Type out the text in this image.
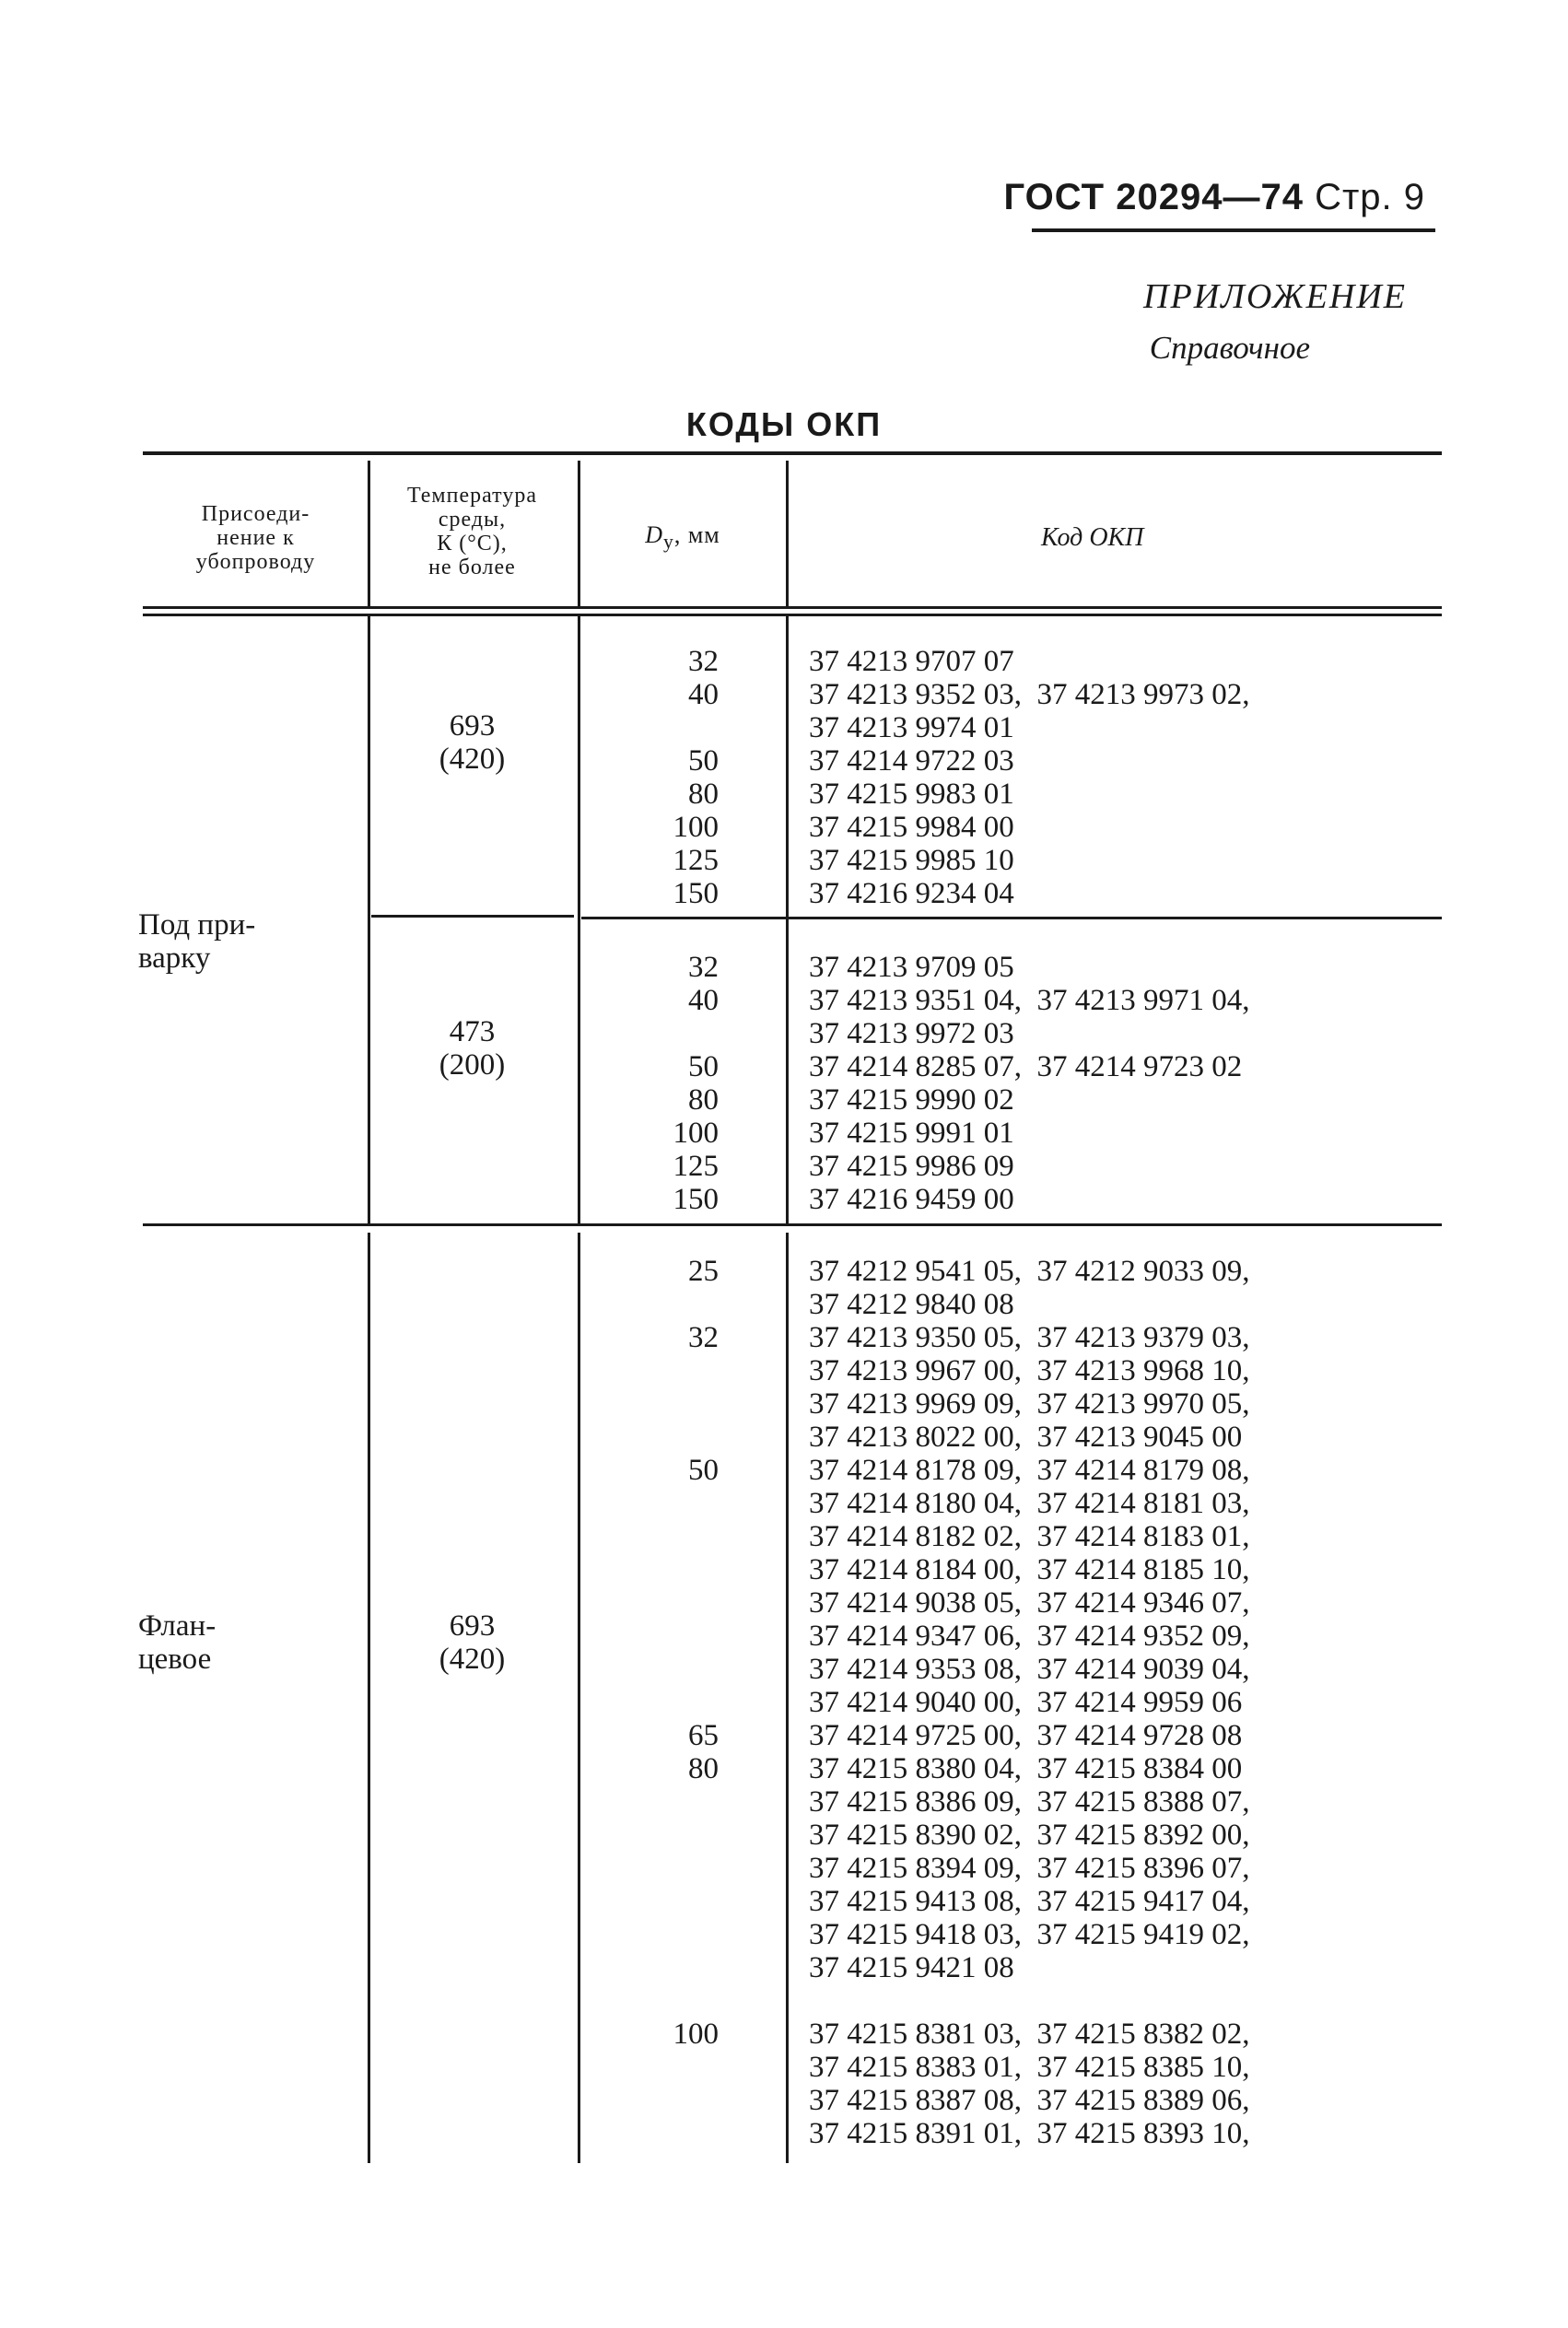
ГОСТ 20294—74 Стр. 9
ПРИЛОЖЕНИЕ
Справочное
КОДЫ ОКП
Присоеди-
нение к
убопроводу
Температура
среды,
К (°С),
не более
$D_у$, мм	Код ОКП
Под при-
варку
693
(420)
32
40
50
80
100
125
150
37 4213 9707 07
37 4213 9352 03,  37 4213 9973 02,
37 4213 9974 01
37 4214 9722 03
37 4215 9983 01
37 4215 9984 00
37 4215 9985 10
37 4216 9234 04
473
(200)
32
40
50
80
100
125
150
37 4213 9709 05
37 4213 9351 04,  37 4213 9971 04,
37 4213 9972 03
37 4214 8285 07,  37 4214 9723 02
37 4215 9990 02
37 4215 9991 01
37 4215 9986 09
37 4216 9459 00
Флан-
цевое
693
(420)
25
32
50
65
80
100
37 4212 9541 05,  37 4212 9033 09,
37 4212 9840 08
37 4213 9350 05,  37 4213 9379 03,
37 4213 9967 00,  37 4213 9968 10,
37 4213 9969 09,  37 4213 9970 05,
37 4213 8022 00,  37 4213 9045 00
37 4214 8178 09,  37 4214 8179 08,
37 4214 8180 04,  37 4214 8181 03,
37 4214 8182 02,  37 4214 8183 01,
37 4214 8184 00,  37 4214 8185 10,
37 4214 9038 05,  37 4214 9346 07,
37 4214 9347 06,  37 4214 9352 09,
37 4214 9353 08,  37 4214 9039 04,
37 4214 9040 00,  37 4214 9959 06
37 4214 9725 00,  37 4214 9728 08
37 4215 8380 04,  37 4215 8384 00
37 4215 8386 09,  37 4215 8388 07,
37 4215 8390 02,  37 4215 8392 00,
37 4215 8394 09,  37 4215 8396 07,
37 4215 9413 08,  37 4215 9417 04,
37 4215 9418 03,  37 4215 9419 02,
37 4215 9421 08
37 4215 8381 03,  37 4215 8382 02,
37 4215 8383 01,  37 4215 8385 10,
37 4215 8387 08,  37 4215 8389 06,
37 4215 8391 01,  37 4215 8393 10,
